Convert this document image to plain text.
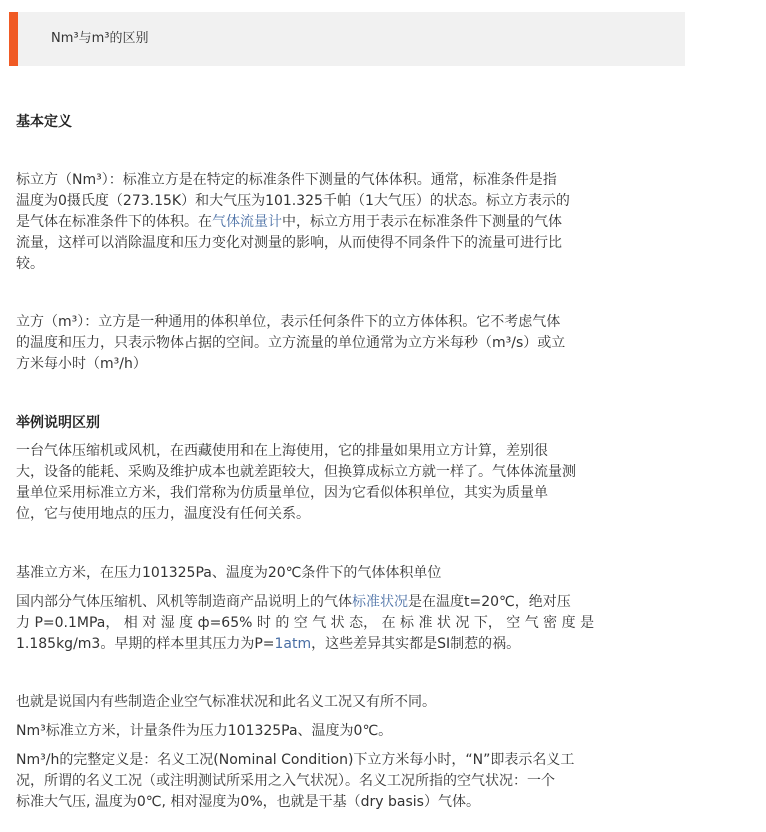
Nm³与m³的区别
基本定义
标立方（Nm³）：标准立方是在特定的标准条件下测量的气体体积。通常，标准条件是指
温度为0摄氏度（273.15K）和大气压为101.325千帕（1大气压）的状态。标立方表示的
是气体在标准条件下的体积。在气体流量计中，标立方用于表示在标准条件下测量的气体
流量，这样可以消除温度和压力变化对测量的影响，从而使得不同条件下的流量可进行比
较。
立方（m³）：立方是一种通用的体积单位，表示任何条件下的立方体体积。它不考虑气体
的温度和压力，只表示物体占据的空间。立方流量的单位通常为立方米每秒（m³/s）或立
方米每小时（m³/h）
举例说明区别
一台气体压缩机或风机，在西藏使用和在上海使用，它的排量如果用立方计算，差别很
大，设备的能耗、采购及维护成本也就差距较大，但换算成标立方就一样了。气体体流量测
量单位采用标准立方米，我们常称为仿质量单位，因为它看似体积单位，其实为质量单
位，它与使用地点的压力，温度没有任何关系。
基准立方米，在压力101325Pa、温度为20℃条件下的气体体积单位
国内部分气体压缩机、风机等制造商产品说明上的气体标准状况是在温度t=20℃，绝对压
力 P=0.1MPa， 相 对 湿 度 ф=65% 时 的 空 气 状 态， 在 标 准 状 况 下， 空 气 密 度 是
1.185kg/m3。早期的样本里其压力为P=1atm，这些差异其实都是SI制惹的祸。
也就是说国内有些制造企业空气标准状况和此名义工况又有所不同。
Nm³标准立方米，计量条件为压力101325Pa、温度为0℃。
Nm³/h的完整定义是：名义工况(Nominal Condition)下立方米每小时，“N”即表示名义工
况，所谓的名义工况（或注明测试所采用之入气状况）。名义工况所指的空气状况：一个
标准大气压, 温度为0℃, 相对湿度为0%，也就是干基（dry basis）气体。
